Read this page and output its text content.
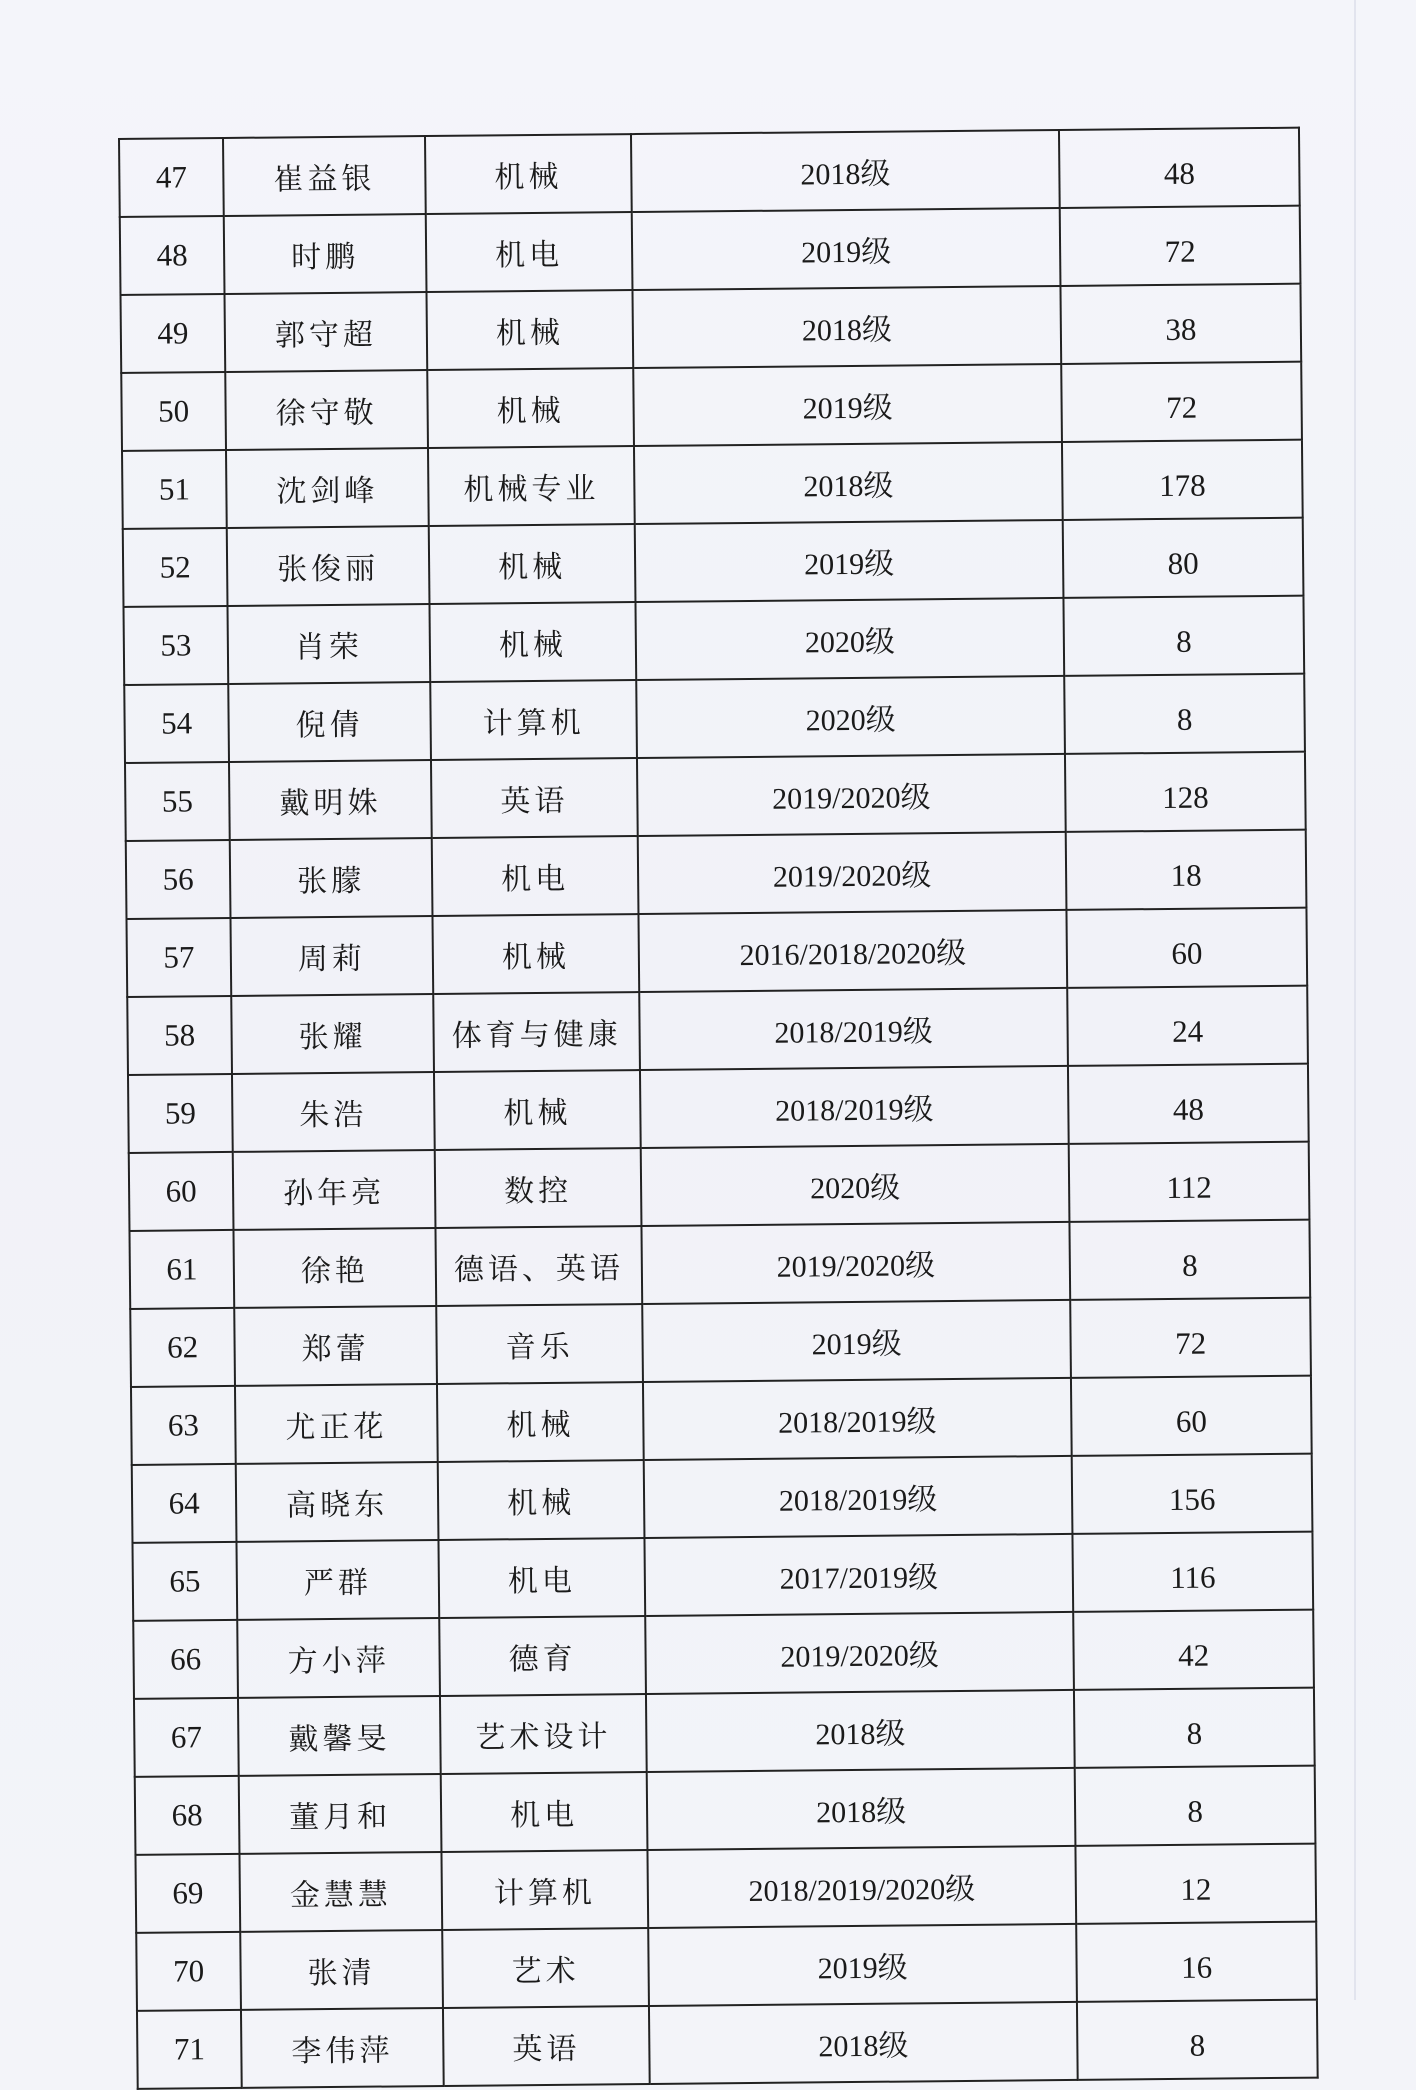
47	崔益银	机械	2018级	48
48	时鹏	机电	2019级	72
49	郭守超	机械	2018级	38
50	徐守敬	机械	2019级	72
51	沈剑峰	机械专业	2018级	178
52	张俊丽	机械	2019级	80
53	肖荣	机械	2020级	8
54	倪倩	计算机	2020级	8
55	戴明姝	英语	2019/2020级	128
56	张朦	机电	2019/2020级	18
57	周莉	机械	2016/2018/2020级	60
58	张耀	体育与健康	2018/2019级	24
59	朱浩	机械	2018/2019级	48
60	孙年亮	数控	2020级	112
61	徐艳	德语、英语	2019/2020级	8
62	郑蕾	音乐	2019级	72
63	尤正花	机械	2018/2019级	60
64	高晓东	机械	2018/2019级	156
65	严群	机电	2017/2019级	116
66	方小萍	德育	2019/2020级	42
67	戴馨旻	艺术设计	2018级	8
68	董月和	机电	2018级	8
69	金慧慧	计算机	2018/2019/2020级	12
70	张清	艺术	2019级	16
71	李伟萍	英语	2018级	8
